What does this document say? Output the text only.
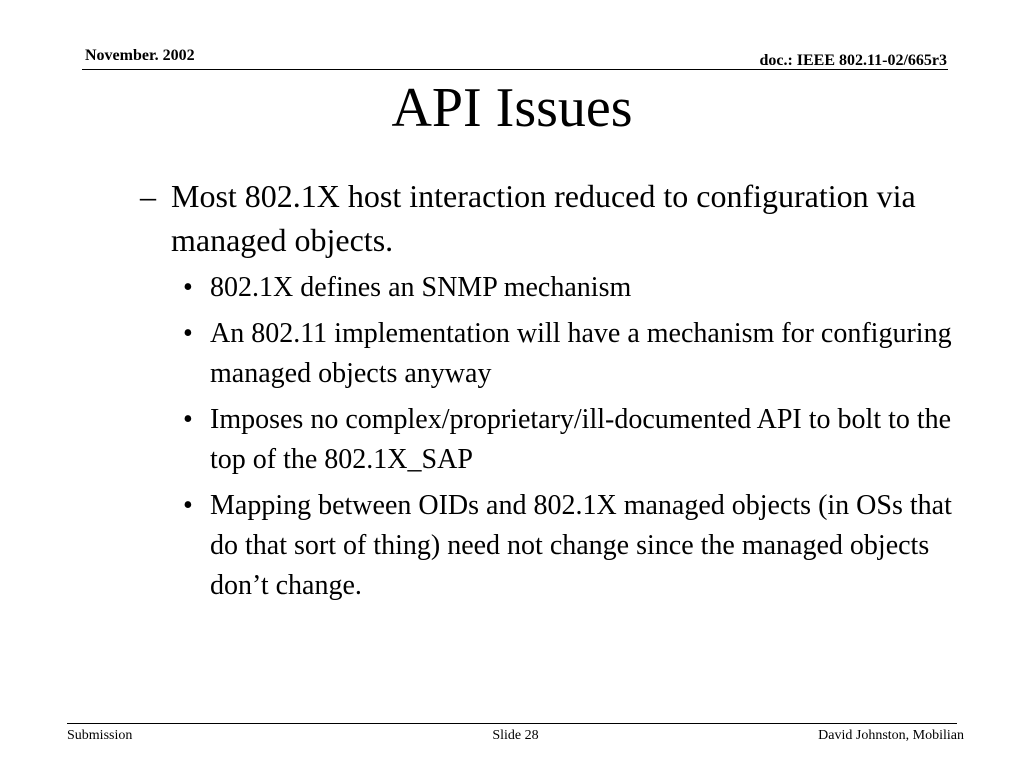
November. 2002	doc.: IEEE 802.11-02/665r3
API Issues
– Most 802.1X host interaction reduced to configuration via managed objects.
• 802.1X defines an SNMP mechanism
• An 802.11 implementation will have a mechanism for configuring managed objects anyway
• Imposes no complex/proprietary/ill-documented API to bolt to the top of the 802.1X_SAP
• Mapping between OIDs and 802.1X managed objects (in OSs that do that sort of thing) need not change since the managed objects don’t change.
Submission	Slide 28	David Johnston, Mobilian
